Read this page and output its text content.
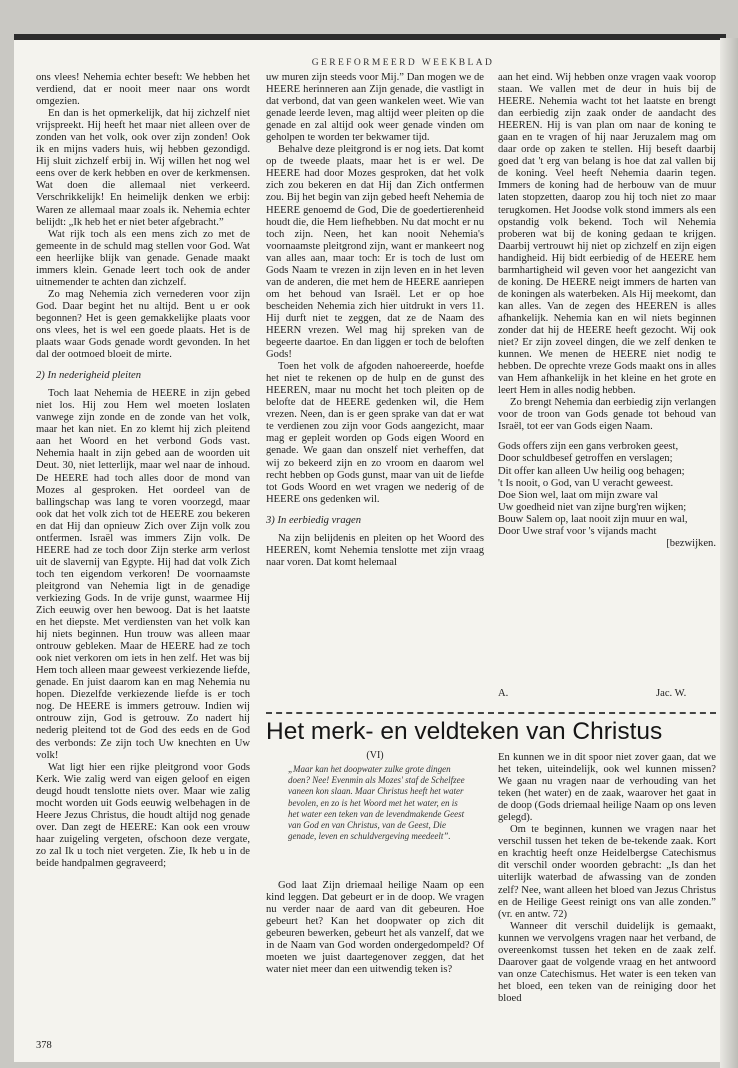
GEREFORMEERD WEEKBLAD

ons vlees! Nehemia echter beseft: We hebben het verdiend, dat er nooit meer naar ons wordt omgezien.

En dan is het opmerkelijk, dat hij zichzelf niet vrijspreekt. Hij heeft het maar niet alleen over de zonden van het volk, ook over zijn zonden! Ook ik en mijns vaders huis, wij hebben gezondigd. Hij sluit zichzelf erbij in. Wij willen het nog wel eens over de kerk hebben en over de kerkmensen. Wat doen die allemaal niet verkeerd. Verschrikkelijk! En heimelijk denken we erbij: Waren ze allemaal maar zoals ik. Nehemia echter belijdt: „Ik heb het er niet beter afgebracht.”

Wat rijk toch als een mens zich zo met de gemeente in de schuld mag stellen voor God. Wat een heerlijke blijk van genade. Genade maakt immers klein. Genade leert toch ook de ander uitnemender te achten dan zichzelf.

Zo mag Nehemia zich vernederen voor zijn God. Daar begint het nu altijd. Bent u er ook begonnen? Het is geen gemakkelijke plaats voor ons vlees, het is wel een goede plaats. Het is de plaats waar Gods genade wordt gevonden. In het dal der ootmoed bloeit de mirte.

2) In nederigheid pleiten

Toch laat Nehemia de HEERE in zijn gebed niet los. Hij zou Hem wel moeten loslaten vanwege zijn zonde en de zonde van het volk, maar het kan niet. En zo klemt hij zich pleitend aan het Woord en het verbond Gods vast. Nehemia haalt in zijn gebed aan de woorden uit Deut. 30, niet letterlijk, maar wel naar de inhoud. De HEERE had toch alles door de mond van Mozes al gesproken. Het oordeel van de ballingschap was lang te voren voorzegd, maar ook dat het volk zich tot de HEERE zou bekeren en dat Hij dan opnieuw Zich over Zijn volk zou ontfermen. Israël was immers Zijn volk. De HEERE had ze toch door Zijn sterke arm verlost uit de slavernij van Egypte. Hij had dat volk Zich toch ten eigendom verkoren! De voornaamste pleitgrond van Nehemia ligt in de genadige verkiezing Gods. In de vrije gunst, waarmee Hij Zich eeuwig over hen bewoog. Dat is het laatste en het diepste. Met verdiensten van het volk kan hij niets beginnen. Hun trouw was alleen maar ontrouw gebleken. Maar de HEERE had ze toch ook niet verkoren om iets in hen zelf. Het was bij Hem toch alleen maar geweest verkiezende liefde, genade. En juist daarom kan en mag Nehemia nu hopen. Diezelfde verkiezende liefde is er toch nog. De HEERE is immers getrouw. Indien wij ontrouw zijn, God is getrouw. Zo nadert hij nederig pleitend tot de God des eeds en de God des verbonds: Ze zijn toch Uw knechten en Uw volk!

Wat ligt hier een rijke pleitgrond voor Gods Kerk. Wie zalig werd van eigen geloof en eigen deugd houdt tenslotte niets over. Maar wie zalig mocht worden uit Gods eeuwig welbehagen in de Heere Jezus Christus, die houdt altijd nog genade over. Dan zegt de HEERE: Kan ook een vrouw haar zuigeling vergeten, ofschoon deze vergate, zo zal Ik u toch niet vergeten. Zie, Ik heb u in de beide handpalmen gegraveerd;

uw muren zijn steeds voor Mij.” Dan mogen we de HEERE herinneren aan Zijn genade, die vastligt in dat verbond, dat van geen wankelen weet. Wie van genade leerde leven, mag altijd weer pleiten op die genade en zal altijd ook weer genade vinden om geholpen te worden ter bekwamer tijd.

Behalve deze pleitgrond is er nog iets. Dat komt op de tweede plaats, maar het is er wel. De HEERE had door Mozes gesproken, dat het volk zich zou bekeren en dat Hij dan Zich ontfermen zou. Bij het begin van zijn gebed heeft Nehemia de HEERE genoemd de God, Die de goedertierenheid houdt die, die Hem liefhebben. Nu dat mocht er nu toch zijn. Neen, het kan nooit Nehemia's voornaamste pleitgrond zijn, want er mankeert nog van alles aan, maar toch: Er is toch de lust om Gods Naam te vrezen in zijn leven en in het leven van de anderen, die met hem de HEERE aanriepen om het behoud van Israël. Let er op hoe bescheiden Nehemia zich hier uitdrukt in vers 11. Hij durft niet te zeggen, dat ze de Naam des HEERN vrezen. Wel mag hij spreken van de begeerte daartoe. En dan liggen er toch de beloften Gods!

Toen het volk de afgoden nahoereerde, hoefde het niet te rekenen op de hulp en de gunst des HEEREN, maar nu mocht het toch pleiten op de belofte dat de HEERE gedenken wil, die Hem vrezen. Neen, dan is er geen sprake van dat er wat te verdienen zou zijn voor Gods aangezicht, maar mag er gepleit worden op Gods eigen Woord en genade. We gaan dan onszelf niet verheffen, dat wij zo bekeerd zijn en zo vroom en daarom wel recht hebben op Gods gunst, maar van uit de liefde tot Gods Woord en wet vragen we nederig of de HEERE ons gedenken wil.

3) In eerbiedig vragen

Na zijn belijdenis en pleiten op het Woord des HEEREN, komt Nehemia tenslotte met zijn vraag naar voren. Dat komt helemaal

aan het eind. Wij hebben onze vragen vaak voorop staan. We vallen met de deur in huis bij de HEERE. Nehemia wacht tot het laatste en brengt dan eerbiedig zijn zaak onder de aandacht des HEEREN. Hij is van plan om naar de koning te gaan en te vragen of hij naar Jeruzalem mag om daar orde op zaken te stellen. Hij beseft daarbij goed dat 't erg van belang is hoe dat zal vallen bij de koning. Veel heeft Nehemia daarin tegen. Immers de koning had de herbouw van de muur laten stopzetten, daarop zou hij toch niet zo maar terugkomen. Het Joodse volk stond immers als een opstandig volk bekend. Toch wil Nehemia proberen wat bij de koning gedaan te krijgen. Daarbij vertrouwt hij niet op zichzelf en zijn eigen handigheid. Hij bidt eerbiedig of de HEERE hem barmhartigheid wil geven voor het aangezicht van de koning. De HEERE neigt immers de harten van de koningen als waterbeken. Als Hij meekomt, dan kan alles. Van de zegen des HEEREN is alles afhankelijk. Nehemia kan en wil niets beginnen zonder dat hij de HEERE heeft gezocht. Wij ook niet? Er zijn zoveel dingen, die we zelf denken te kunnen. We menen de HEERE niet nodig te hebben. De oprechte vreze Gods maakt ons in alles van Hem afhankelijk in het kleine en het grote en leert Hem in alles nodig hebben.

Zo brengt Nehemia dan eerbiedig zijn verlangen voor de troon van Gods genade tot behoud van Israël, tot eer van Gods eigen Naam.

Gods offers zijn een gans verbroken geest,

Door schuldbesef getroffen en verslagen;

Dit offer kan alleen Uw heilig oog behagen;

't Is nooit, o God, van U veracht geweest.

Doe Sion wel, laat om mijn zware val

Uw goedheid niet van zijne burg'ren wijken;

Bouw Salem op, laat nooit zijn muur en wal,

Door Uwe straf voor 's vijands macht

[bezwijken.

A.	Jac. W.
Het merk- en veldteken van Christus
(VI)
„Maar kan het doopwater zulke grote dingen doen? Nee! Evenmin als Mozes' staf de Schelfzee vaneen kon slaan. Maar Christus heeft het water bevolen, en zo is het Woord met het water, en is het water een teken van de levendmakende Geest van God en van Christus, van de Geest, Die genade, leven en schuldvergeving meedeelt”.

God laat Zijn driemaal heilige Naam op een kind leggen. Dat gebeurt er in de doop. We vragen nu verder naar de aard van dit gebeuren. Hoe gebeurt het? Kan het doopwater op zich dit gebeuren bewerken, gebeurt het als vanzelf, dat we in de Naam van God worden ondergedompeld? Of moeten we juist daartegenover zeggen, dat het water niet meer dan een uitwendig teken is?

En kunnen we in dit spoor niet zover gaan, dat we het teken, uiteindelijk, ook wel kunnen missen? We gaan nu vragen naar de verhouding van het teken (het water) en de zaak, waarover het gaat in de doop (Gods driemaal heilige Naam op ons leven gelegd).

Om te beginnen, kunnen we vragen naar het verschil tussen het teken de be-tekende zaak. Kort en krachtig heeft onze Heidelbergse Catechismus dit verschil onder woorden gebracht: „Is dan het uiterlijk waterbad de afwassing van de zonden zelf? Nee, want alleen het bloed van Jezus Christus en de Heilige Geest reinigt ons van alle zonden.” (vr. en antw. 72)

Wanneer dit verschil duidelijk is gemaakt, kunnen we vervolgens vragen naar het verband, de overeenkomst tussen het teken en de zaak zelf. Daarover gaat de volgende vraag en het antwoord van onze Catechismus. Het water is een teken van het bloed, een teken van de reiniging door het bloed

378
